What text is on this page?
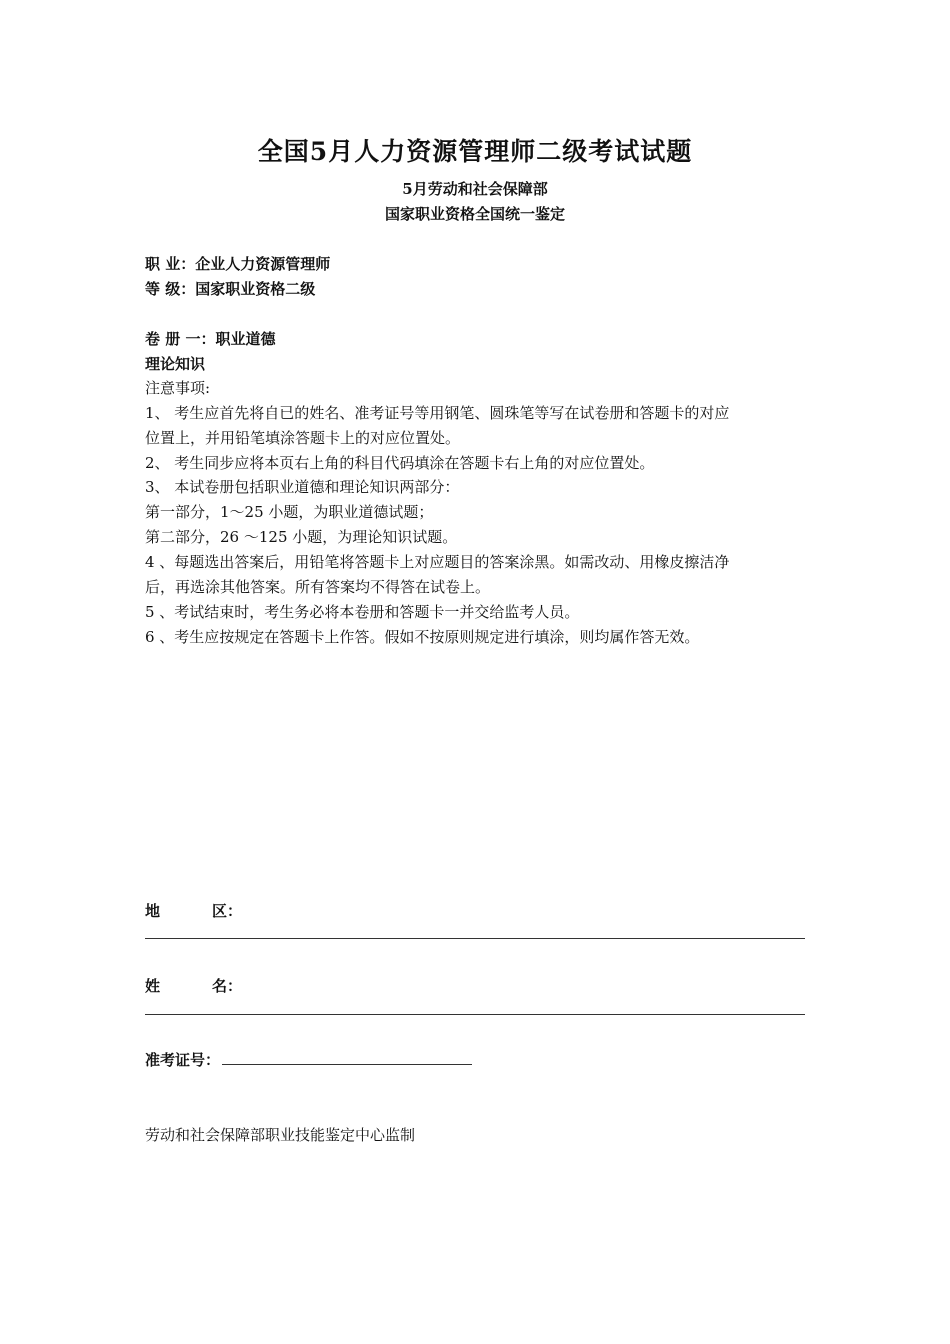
全国5月人力资源管理师二级考试试题
5月劳动和社会保障部
国家职业资格全国统一鉴定
职 业：企业人力资源管理师
等 级：国家职业资格二级
卷 册 一：职业道德
理论知识
注意事项:
1、 考生应首先将自已的姓名、准考证号等用钢笔、圆珠笔等写在试卷册和答题卡的对应
位置上，并用铅笔填涂答题卡上的对应位置处。
2、 考生同步应将本页右上角的科目代码填涂在答题卡右上角的对应位置处。
3、 本试卷册包括职业道德和理论知识两部分：
第一部分，1～25 小题，为职业道德试题；
第二部分，26 ～125 小题，为理论知识试题。
4 、每题选出答案后，用铅笔将答题卡上对应题目的答案涂黑。如需改动、用橡皮擦洁净
后，再选涂其他答案。所有答案均不得答在试卷上。
5 、考试结束时，考生务必将本卷册和答题卡一并交给监考人员。
6 、考生应按规定在答题卡上作答。假如不按原则规定进行填涂，则均属作答无效。
地	区：
姓	名：
准考证号：
劳动和社会保障部职业技能鉴定中心监制
